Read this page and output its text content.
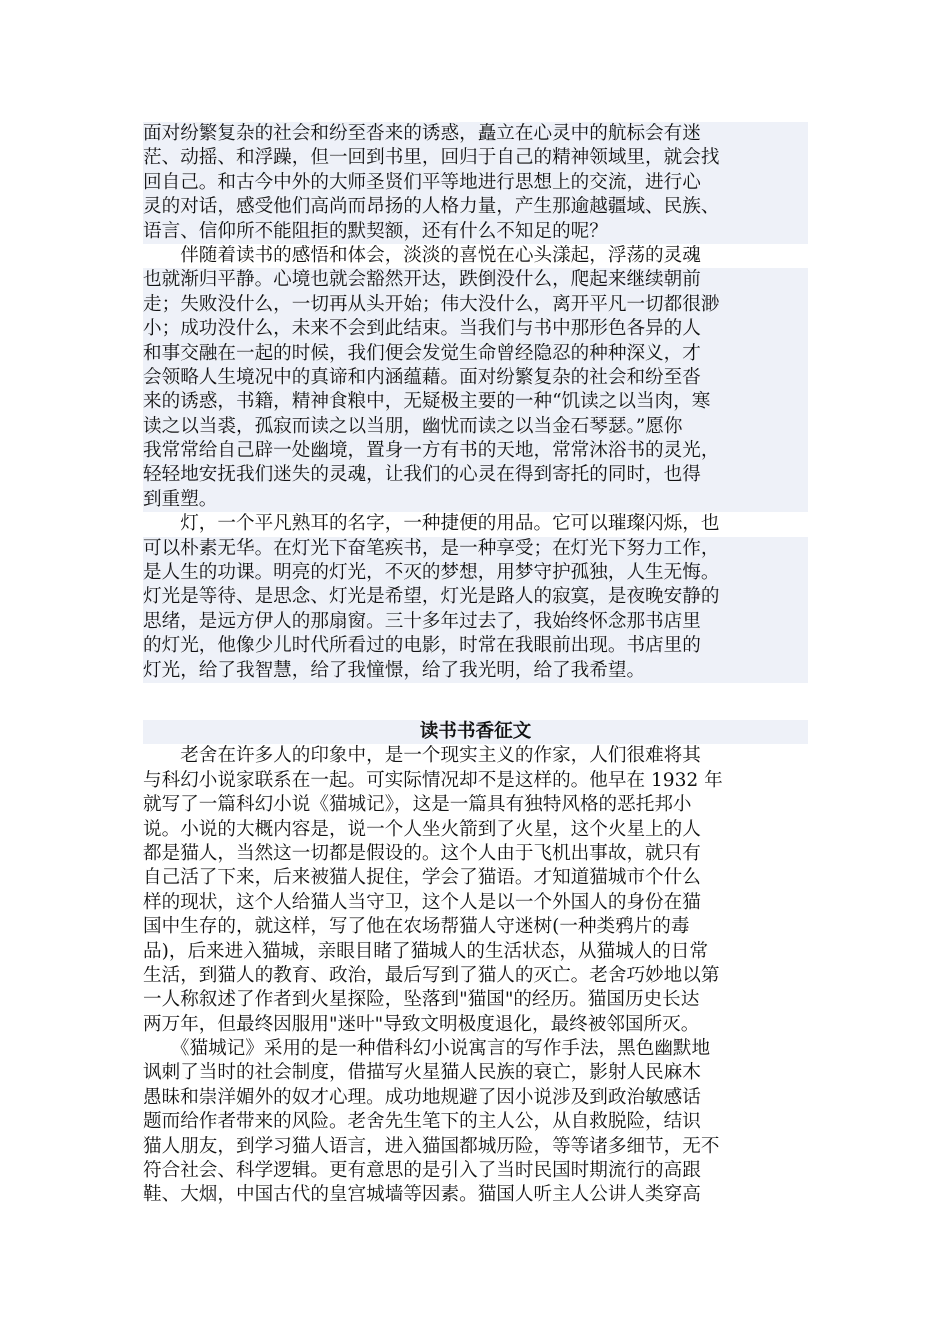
面对纷繁复杂的社会和纷至沓来的诱惑，矗立在心灵中的航标会有迷
茫、动摇、和浮躁，但一回到书里，回归于自己的精神领域里，就会找
回自己。和古今中外的大师圣贤们平等地进行思想上的交流，进行心
灵的对话，感受他们高尚而昂扬的人格力量，产生那逾越疆域、民族、
语言、信仰所不能阻拒的默契额，还有什么不知足的呢？
　　伴随着读书的感悟和体会，淡淡的喜悦在心头漾起，浮荡的灵魂
也就渐归平静。心境也就会豁然开达，跌倒没什么，爬起来继续朝前
走；失败没什么，一切再从头开始；伟大没什么，离开平凡一切都很渺
小；成功没什么，未来不会到此结束。当我们与书中那形色各异的人
和事交融在一起的时候，我们便会发觉生命曾经隐忍的种种深义，才
会领略人生境况中的真谛和内涵蕴藉。面对纷繁复杂的社会和纷至沓
来的诱惑，书籍，精神食粮中，无疑极主要的一种“饥读之以当肉，寒
读之以当裘，孤寂而读之以当朋，幽忧而读之以当金石琴瑟。”愿你
我常常给自己辟一处幽境，置身一方有书的天地，常常沐浴书的灵光，
轻轻地安抚我们迷失的灵魂，让我们的心灵在得到寄托的同时，也得
到重塑。
　　灯，一个平凡熟耳的名字，一种捷便的用品。它可以璀璨闪烁，也
可以朴素无华。在灯光下奋笔疾书，是一种享受；在灯光下努力工作，
是人生的功课。明亮的灯光，不灭的梦想，用梦守护孤独，人生无悔。
灯光是等待、是思念、灯光是希望，灯光是路人的寂寞，是夜晚安静的
思绪，是远方伊人的那扇窗。三十多年过去了，我始终怀念那书店里
的灯光，他像少儿时代所看过的电影，时常在我眼前出现。书店里的
灯光，给了我智慧，给了我憧憬，给了我光明，给了我希望。
读书书香征文
　　老舍在许多人的印象中，是一个现实主义的作家，人们很难将其
与科幻小说家联系在一起。可实际情况却不是这样的。他早在 1932 年
就写了一篇科幻小说《猫城记》，这是一篇具有独特风格的恶托邦小
说。小说的大概内容是，说一个人坐火箭到了火星，这个火星上的人
都是猫人，当然这一切都是假设的。这个人由于飞机出事故，就只有
自己活了下来，后来被猫人捉住，学会了猫语。才知道猫城市个什么
样的现状，这个人给猫人当守卫，这个人是以一个外国人的身份在猫
国中生存的，就这样，写了他在农场帮猫人守迷树(一种类鸦片的毒
品)，后来进入猫城，亲眼目睹了猫城人的生活状态，从猫城人的日常
生活，到猫人的教育、政治，最后写到了猫人的灭亡。老舍巧妙地以第
一人称叙述了作者到火星探险，坠落到"猫国"的经历。猫国历史长达
两万年，但最终因服用"迷叶"导致文明极度退化，最终被邻国所灭。
　　《猫城记》采用的是一种借科幻小说寓言的写作手法，黑色幽默地
讽刺了当时的社会制度，借描写火星猫人民族的衰亡，影射人民麻木
愚昧和崇洋媚外的奴才心理。成功地规避了因小说涉及到政治敏感话
题而给作者带来的风险。老舍先生笔下的主人公，从自救脱险，结识
猫人朋友，到学习猫人语言，进入猫国都城历险，等等诸多细节，无不
符合社会、科学逻辑。更有意思的是引入了当时民国时期流行的高跟
鞋、大烟，中国古代的皇宫城墙等因素。猫国人听主人公讲人类穿高
